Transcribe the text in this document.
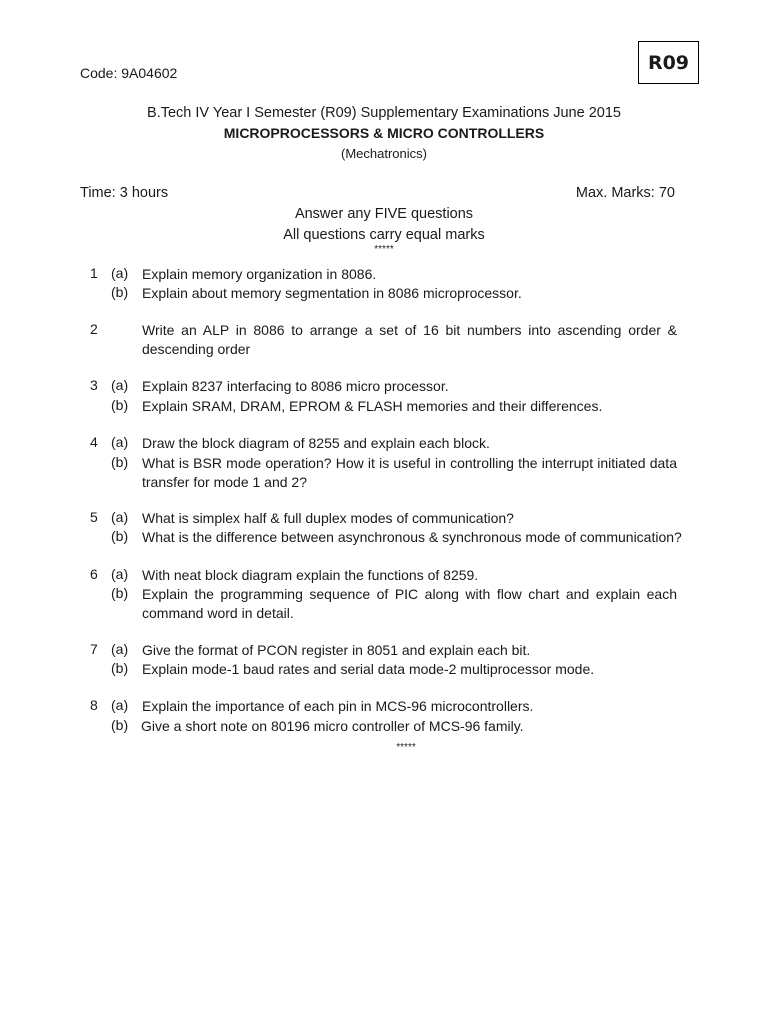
R09
Code: 9A04602
B.Tech IV Year I Semester (R09) Supplementary Examinations June 2015
MICROPROCESSORS & MICRO CONTROLLERS
(Mechatronics)
Time: 3 hours	Max. Marks: 70
Answer any FIVE questions
All questions carry equal marks
*****
1 (a) Explain memory organization in 8086.
(b) Explain about memory segmentation in 8086 microprocessor.
2	Write an ALP in 8086 to arrange a set of 16 bit numbers into ascending order & descending order
3 (a) Explain 8237 interfacing to 8086 micro processor.
(b) Explain SRAM, DRAM, EPROM & FLASH memories and their differences.
4 (a) Draw the block diagram of 8255 and explain each block.
(b) What is BSR mode operation? How it is useful in controlling the interrupt initiated data transfer for mode 1 and 2?
5 (a) What is simplex half & full duplex modes of communication?
(b) What is the difference between asynchronous & synchronous mode of communication?
6 (a) With neat block diagram explain the functions of 8259.
(b) Explain the programming sequence of PIC along with flow chart and explain each command word in detail.
7 (a) Give the format of PCON register in 8051 and explain each bit.
(b) Explain mode-1 baud rates and serial data mode-2 multiprocessor mode.
8 (a) Explain the importance of each pin in MCS-96 microcontrollers.
(b) Give a short note on 80196 micro controller of MCS-96 family.
*****
